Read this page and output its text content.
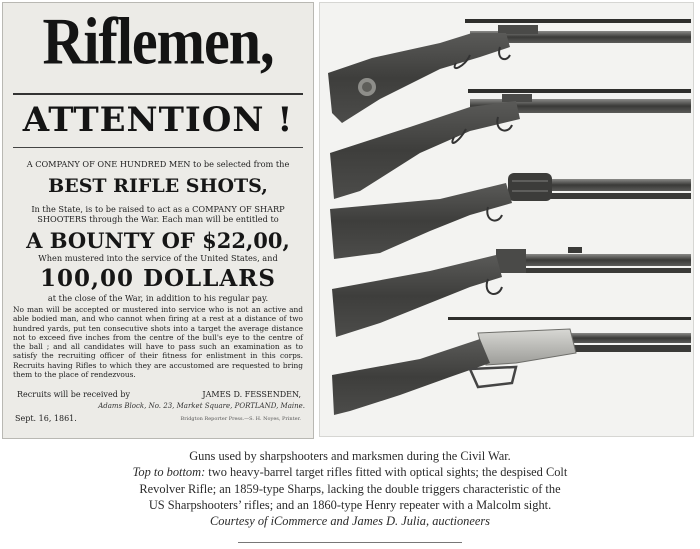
Riflemen,
ATTENTION !
A COMPANY OF ONE HUNDRED MEN to be selected from the
BEST RIFLE SHOTS,
In the State, is to be raised to act as a COMPANY OF SHARP
SHOOTERS through the War. Each man will be entitled to
A BOUNTY OF $22,00,
When mustered into the service of the United States, and
100,00 DOLLARS
at the close of the War, in addition to his regular pay.
No man will be accepted or mustered into service who is not an active and able bodied man, and who cannot when firing at a rest at a distance of two hundred yards, put ten consecutive shots into a target the average distance not to exceed five inches from the centre of the bull's eye to the centre of the ball ; and all candidates will have to pass such an examination as to satisfy the recruiting officer of their fitness for enlistment in this corps. Recruits having Rifles to which they are accustomed are requested to bring them to the place of rendezvous.
Recruits will be received by	JAMES D. FESSENDEN,
Adams Block, No. 23, Market Square, PORTLAND, Maine.
Sept. 16, 1861.	Bridgton Reporter Press.—S. H. Noyes, Printer.
Guns used by sharpshooters and marksmen during the Civil War.
Top to bottom: two heavy-barrel target rifles fitted with optical sights; the despised Colt
Revolver Rifle; an 1859-type Sharps, lacking the double triggers characteristic of the
US Sharpshooters’ rifles; and an 1860-type Henry repeater with a Malcolm sight.
Courtesy of iCommerce and James D. Julia, auctioneers
